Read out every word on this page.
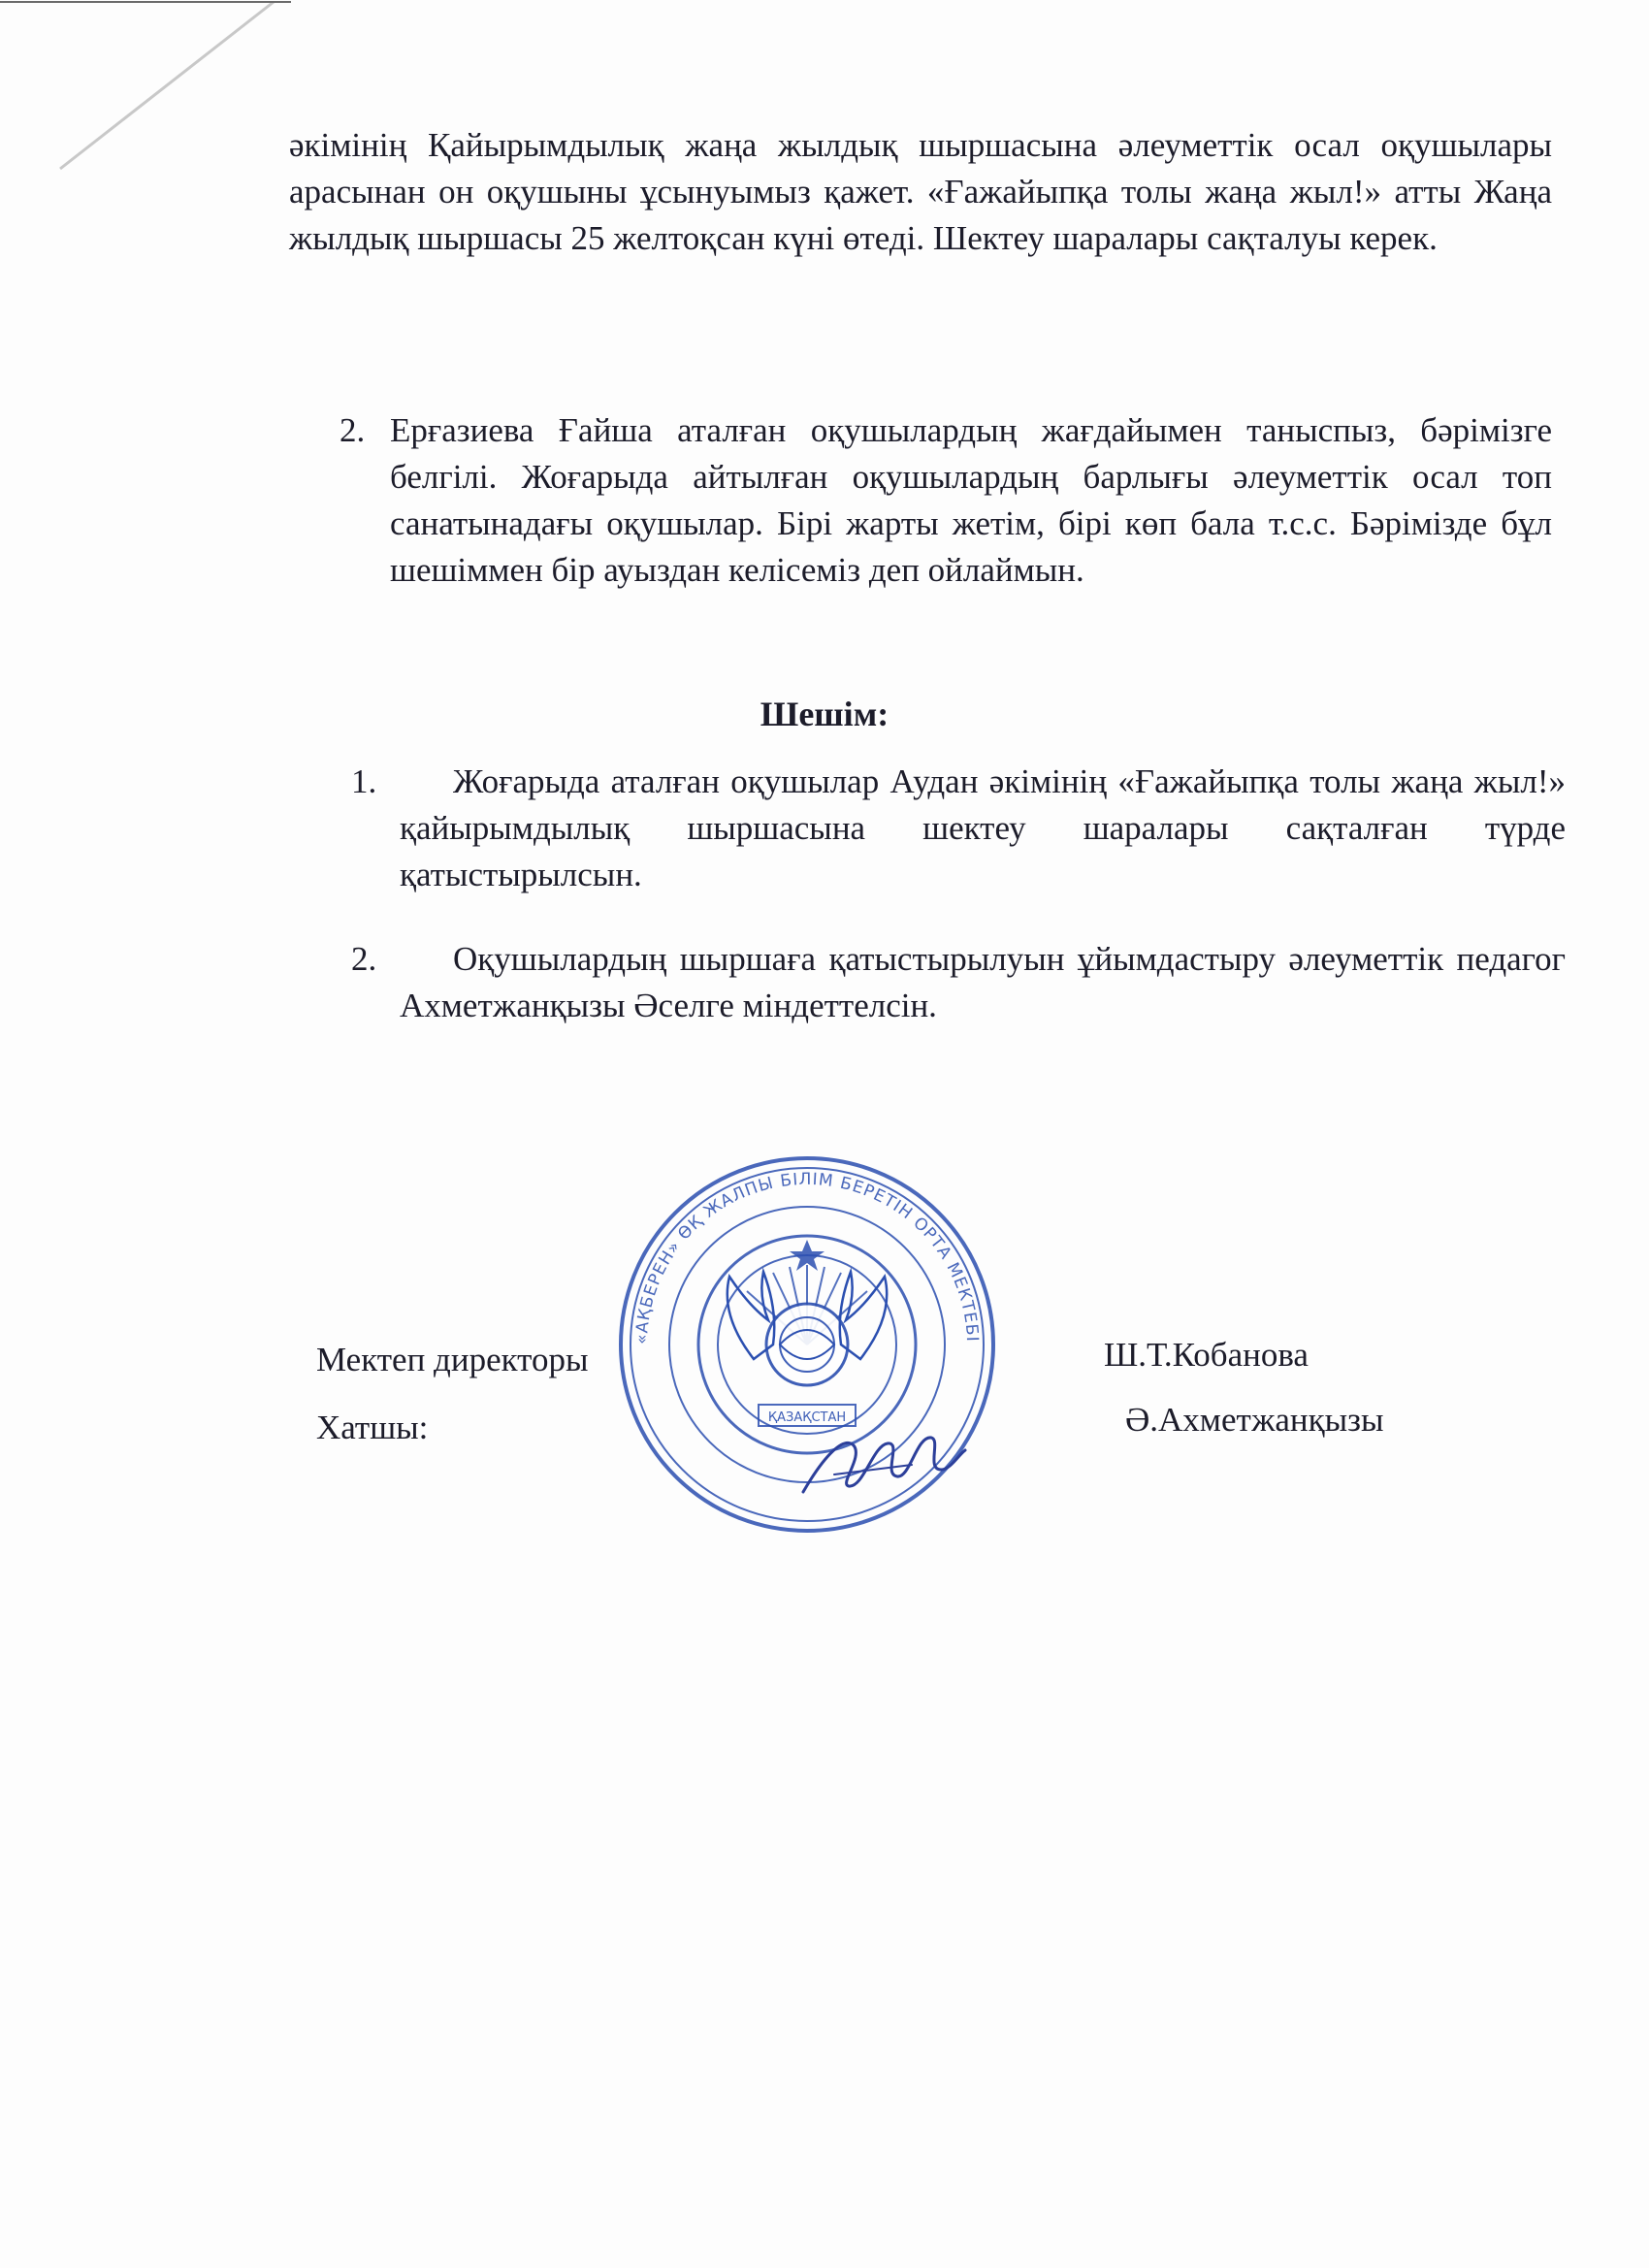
әкімінің Қайырымдылық жаңа жылдық шыршасына әлеуметтік осал оқушылары арасынан он оқушыны ұсынуымыз қажет. «Ғажайыпқа толы жаңа жыл!» атты Жаңа жылдық шыршасы 25 желтоқсан күні өтеді. Шектеу шаралары сақталуы керек.

2. Ерғазиева Ғайша аталған оқушылардың жағдайымен таныспыз, бәрімізге белгілі. Жоғарыда айтылған оқушылардың барлығы әлеуметтік осал топ санатынадағы оқушылар. Бірі жарты жетім, бірі көп бала т.с.с. Бәрімізде бұл шешіммен бір ауыздан келісеміз деп ойлаймын.

Шешім:
1.	Жоғарыда аталған оқушылар Аудан әкімінің «Ғажайыпқа толы жаңа жыл!» қайырымдылық шыршасына шектеу шаралары сақталған түрде қатыстырылсын.

2.	Оқушылардың шыршаға қатыстырылуын ұйымдастыру әлеуметтік педагог Ахметжанқызы Әселге міндеттелсін.

Мектеп директоры	Ш.Т.Кобанова
Хатшы:	Ә.Ахметжанқызы
«АҚБЕРЕН» ӨҚ ЖАЛПЫ БІЛІМ БЕРЕТІН ОРТА МЕКТЕБІ
ҚАЗАҚСТАН
